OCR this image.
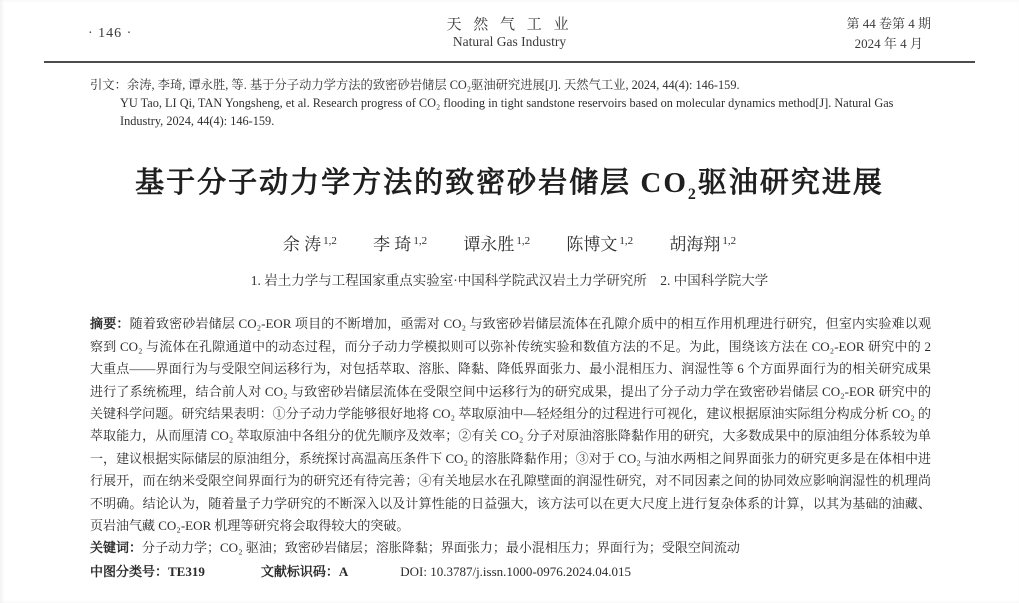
· 146 ·
天 然 气 工 业
Natural Gas Industry
第 44 卷第 4 期
2024 年 4 月
引文：余涛, 李琦, 谭永胜, 等. 基于分子动力学方法的致密砂岩储层 CO₂驱油研究进展[J]. 天然气工业, 2024, 44(4): 146-159.
YU Tao, LI Qi, TAN Yongsheng, et al. Research progress of CO₂ flooding in tight sandstone reservoirs based on molecular dynamics method[J]. Natural Gas Industry, 2024, 44(4): 146-159.
基于分子动力学方法的致密砂岩储层 $CO_2$驱油研究进展
余 涛 $^{1,2}$ 李 琦 $^{1,2}$ 谭永胜 $^{1,2}$ 陈博文 $^{1,2}$ 胡海翔 $^{1,2}$
1. 岩土力学与工程国家重点实验室·中国科学院武汉岩土力学研究所　2. 中国科学院大学
摘要：随着致密砂岩储层 CO₂-EOR 项目的不断增加，亟需对 CO₂ 与致密砂岩储层流体在孔隙介质中的相互作用机理进行研究，但室内实验难以观察到 CO₂ 与流体在孔隙通道中的动态过程，而分子动力学模拟则可以弥补传统实验和数值方法的不足。为此，围绕该方法在 CO₂-EOR 研究中的 2 大重点——界面行为与受限空间运移行为，对包括萃取、溶胀、降黏、降低界面张力、最小混相压力、润湿性等 6 个方面界面行为的相关研究成果进行了系统梳理，结合前人对 CO₂ 与致密砂岩储层流体在受限空间中运移行为的研究成果，提出了分子动力学在致密砂岩储层 CO₂-EOR 研究中的关键科学问题。研究结果表明：①分子动力学能够很好地将 CO₂ 萃取原油中—轻烃组分的过程进行可视化，建议根据原油实际组分构成分析 CO₂ 的萃取能力，从而厘清 CO₂ 萃取原油中各组分的优先顺序及效率；②有关 CO₂ 分子对原油溶胀降黏作用的研究，大多数成果中的原油组分体系较为单一，建议根据实际储层的原油组分，系统探讨高温高压条件下 CO₂ 的溶胀降黏作用；③对于 CO₂ 与油水两相之间界面张力的研究更多是在体相中进行展开，而在纳米受限空间界面行为的研究还有待完善；④有关地层水在孔隙壁面的润湿性研究，对不同因素之间的协同效应影响润湿性的机理尚不明确。结论认为，随着量子力学研究的不断深入以及计算性能的日益强大，该方法可以在更大尺度上进行复杂体系的计算，以其为基础的油藏、页岩油气藏 CO₂-EOR 机理等研究将会取得较大的突破。
关键词：分子动力学；CO₂ 驱油；致密砂岩储层；溶胀降黏；界面张力；最小混相压力；界面行为；受限空间流动
中图分类号：TE319	文献标识码：A	DOI: 10.3787/j.issn.1000-0976.2024.04.015
